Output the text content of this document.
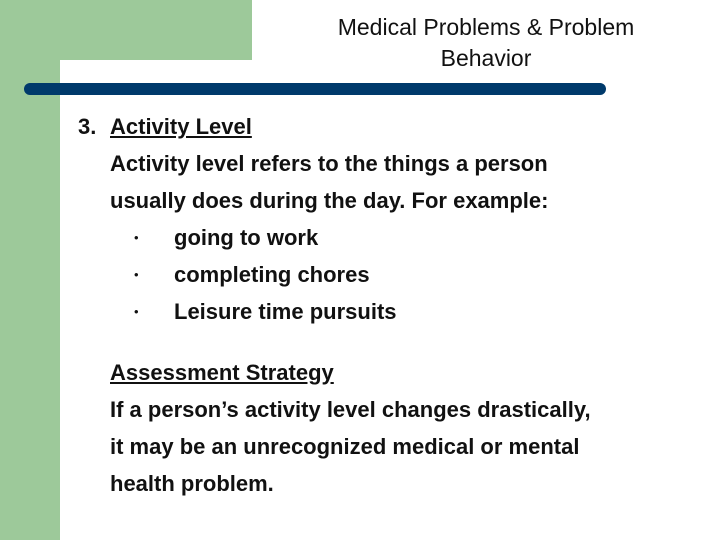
Medical Problems & Problem
Behavior
3. Activity Level
Activity level refers to the things a person
usually does during the day. For example:
•	going to work
•	completing chores
•	Leisure time pursuits
Assessment Strategy
If a person’s activity level changes drastically,
it may be an unrecognized medical or mental
health problem.
